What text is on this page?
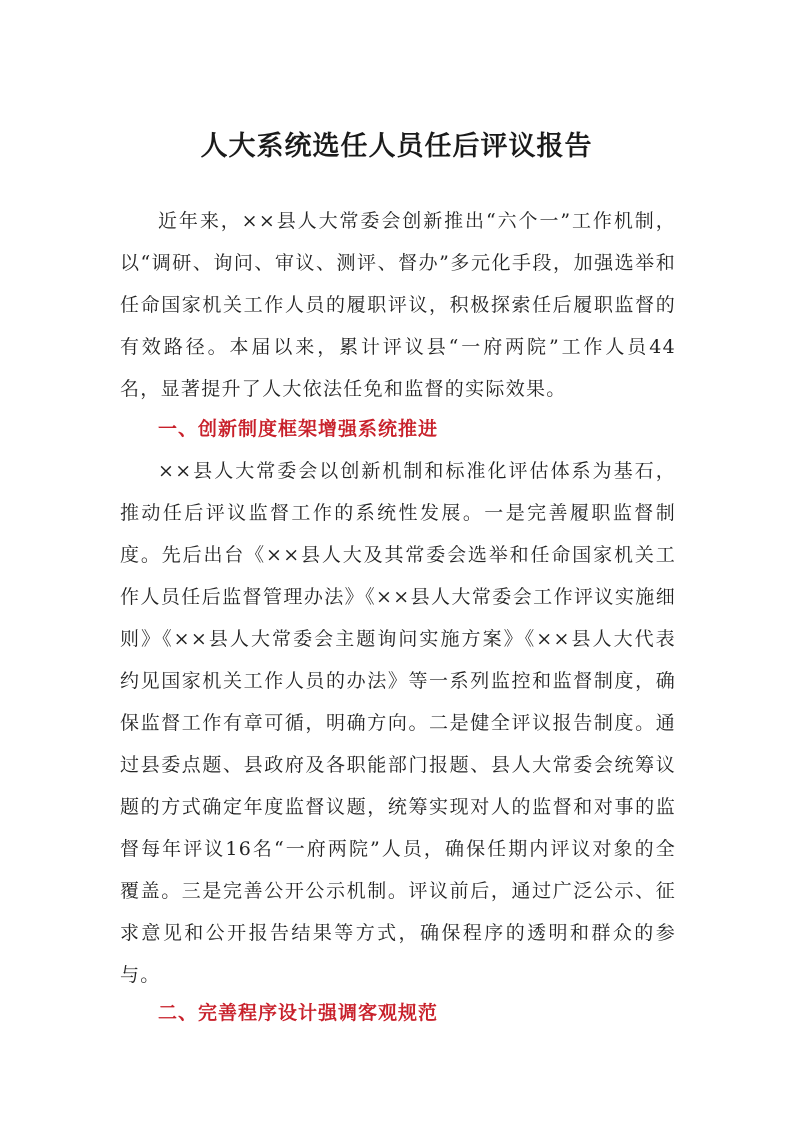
人大系统选任人员任后评议报告

近年来，××县人大常委会创新推出“六个一”工作机制，以“调研、询问、审议、测评、督办”多元化手段，加强选举和任命国家机关工作人员的履职评议，积极探索任后履职监督的有效路径。本届以来，累计评议县“一府两院”工作人员44名，显著提升了人大依法任免和监督的实际效果。

一、创新制度框架增强系统推进

××县人大常委会以创新机制和标准化评估体系为基石，推动任后评议监督工作的系统性发展。一是完善履职监督制度。先后出台《××县人大及其常委会选举和任命国家机关工作人员任后监督管理办法》《××县人大常委会工作评议实施细则》《××县人大常委会主题询问实施方案》《××县人大代表约见国家机关工作人员的办法》等一系列监控和监督制度，确保监督工作有章可循，明确方向。二是健全评议报告制度。通过县委点题、县政府及各职能部门报题、县人大常委会统筹议题的方式确定年度监督议题，统筹实现对人的监督和对事的监督每年评议16名“一府两院”人员，确保任期内评议对象的全覆盖。三是完善公开公示机制。评议前后，通过广泛公示、征求意见和公开报告结果等方式，确保程序的透明和群众的参与。

二、完善程序设计强调客观规范
